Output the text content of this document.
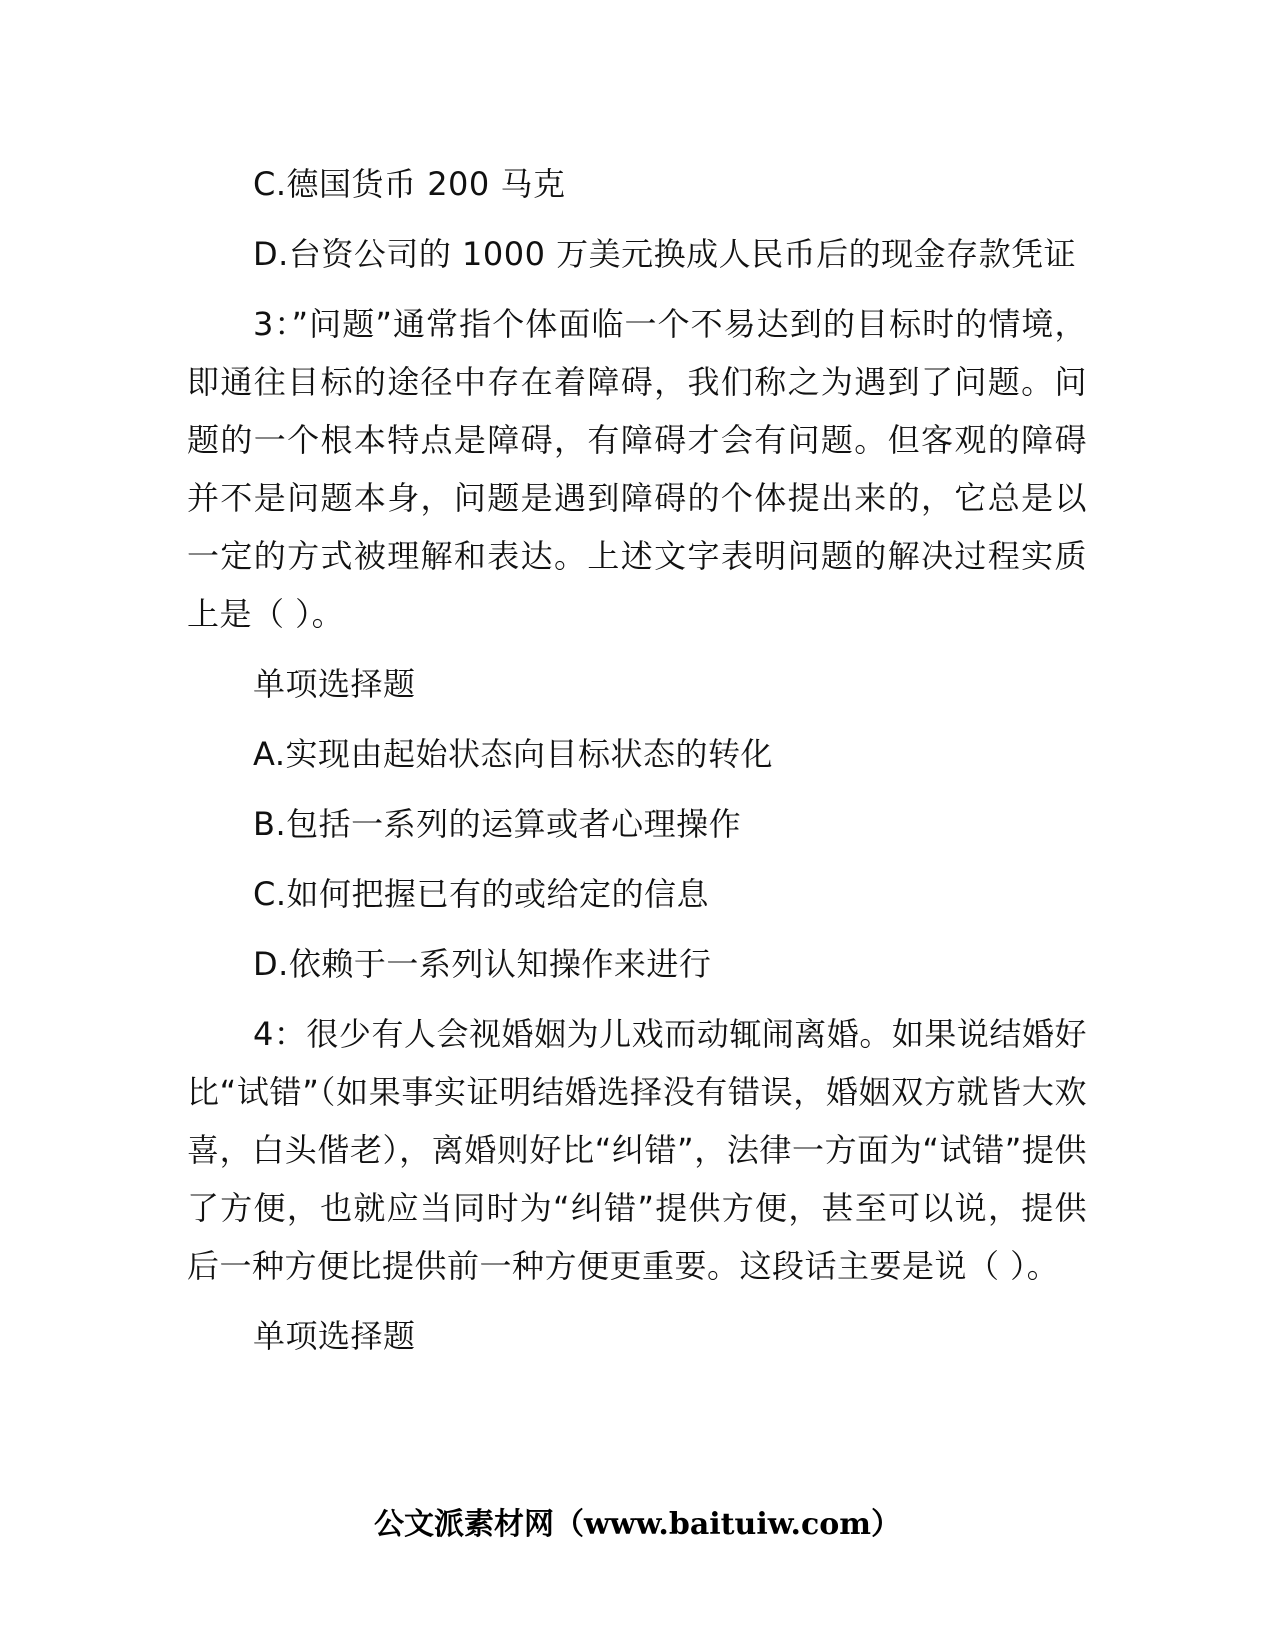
C.德国货币 200 马克

D.台资公司的 1000 万美元换成人民币后的现金存款凭证

3：”问题”通常指个体面临一个不易达到的目标时的情境，即通往目标的途径中存在着障碍，我们称之为遇到了问题。问题的一个根本特点是障碍，有障碍才会有问题。但客观的障碍并不是问题本身，问题是遇到障碍的个体提出来的，它总是以一定的方式被理解和表达。上述文字表明问题的解决过程实质上是（ ）。

单项选择题

A.实现由起始状态向目标状态的转化

B.包括一系列的运算或者心理操作

C.如何把握已有的或给定的信息

D.依赖于一系列认知操作来进行

4：很少有人会视婚姻为儿戏而动辄闹离婚。如果说结婚好比“试错”（如果事实证明结婚选择没有错误，婚姻双方就皆大欢喜，白头偕老），离婚则好比“纠错”，法律一方面为“试错”提供了方便，也就应当同时为“纠错”提供方便，甚至可以说，提供后一种方便比提供前一种方便更重要。这段话主要是说（ ）。

单项选择题

公文派素材网（www.baituiw.com）
